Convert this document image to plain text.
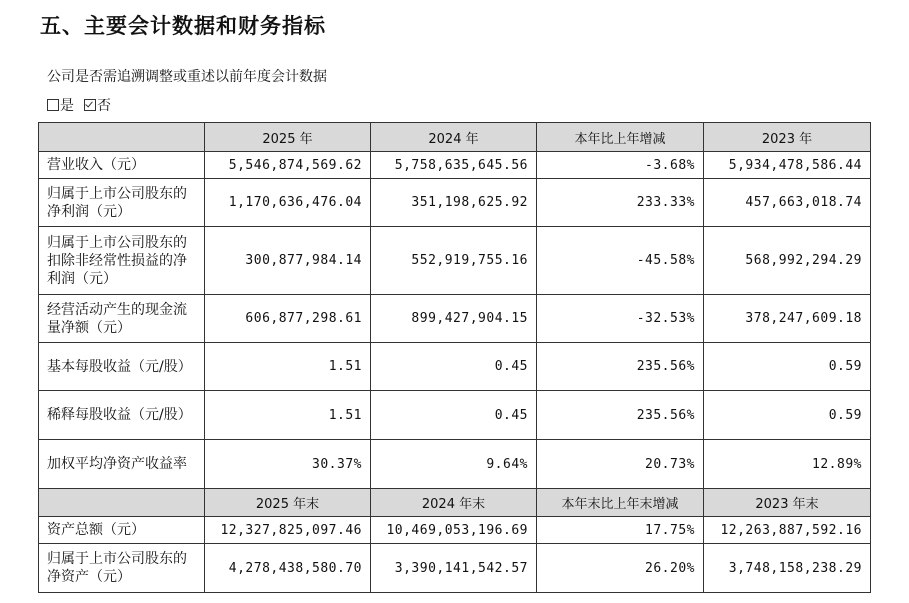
五、主要会计数据和财务指标
公司是否需追溯调整或重述以前年度会计数据
是 否
	2025 年	2024 年	本年比上年增减	2023 年
营业收入（元）	5,546,874,569.62	5,758,635,645.56	-3.68%	5,934,478,586.44
归属于上市公司股东的净利润（元）	1,170,636,476.04	351,198,625.92	233.33%	457,663,018.74
归属于上市公司股东的扣除非经常性损益的净利润（元）	300,877,984.14	552,919,755.16	-45.58%	568,992,294.29
经营活动产生的现金流量净额（元）	606,877,298.61	899,427,904.15	-32.53%	378,247,609.18
基本每股收益（元/股）	1.51	0.45	235.56%	0.59
稀释每股收益（元/股）	1.51	0.45	235.56%	0.59
加权平均净资产收益率	30.37%	9.64%	20.73%	12.89%
	2025 年末	2024 年末	本年末比上年末增减	2023 年末
资产总额（元）	12,327,825,097.46	10,469,053,196.69	17.75%	12,263,887,592.16
归属于上市公司股东的净资产（元）	4,278,438,580.70	3,390,141,542.57	26.20%	3,748,158,238.29
